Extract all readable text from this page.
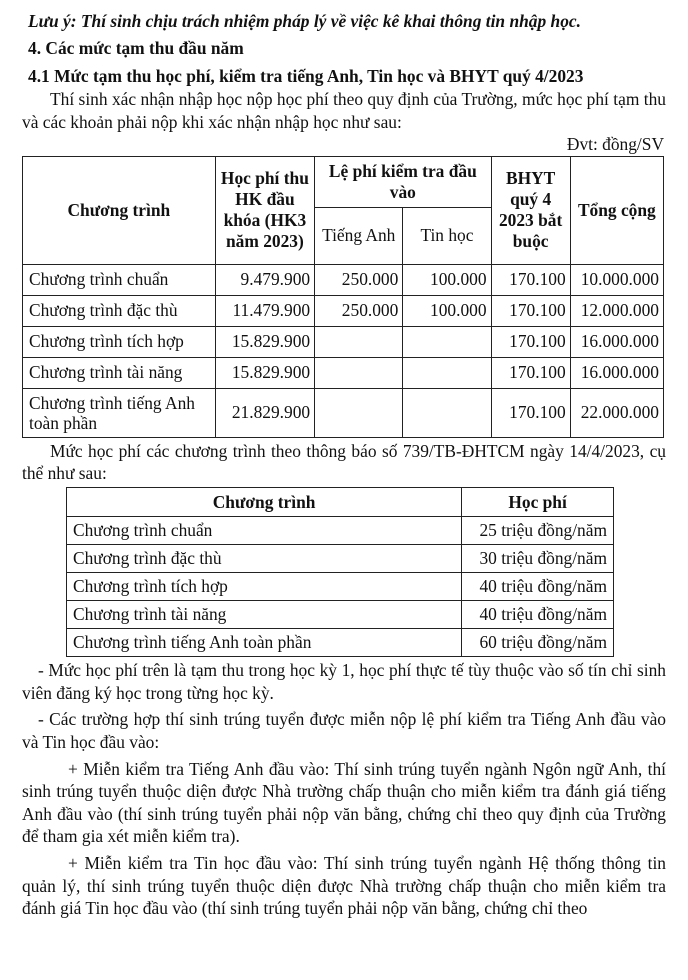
Lưu ý: Thí sinh chịu trách nhiệm pháp lý về việc kê khai thông tin nhập học.

4. Các mức tạm thu đầu năm

4.1 Mức tạm thu học phí, kiểm tra tiếng Anh, Tin học và BHYT quý 4/2023

Thí sinh xác nhận nhập học nộp học phí theo quy định của Trường, mức học phí tạm thu và các khoản phải nộp khi xác nhận nhập học như sau:

Đvt: đồng/SV

Chương trình	Học phí thu HK đầu khóa (HK3 năm 2023)	Lệ phí kiểm tra đầu vào		BHYT quý 4 2023 bắt buộc	Tổng cộng
		Tiếng Anh	Tin học		
Chương trình chuẩn	9.479.900	250.000	100.000	170.100	10.000.000
Chương trình đặc thù	11.479.900	250.000	100.000	170.100	12.000.000
Chương trình tích hợp	15.829.900			170.100	16.000.000
Chương trình tài năng	15.829.900			170.100	16.000.000
Chương trình tiếng Anh toàn phần	21.829.900			170.100	22.000.000

Mức học phí các chương trình theo thông báo số 739/TB-ĐHTCM ngày 14/4/2023, cụ thể như sau:

Chương trình	Học phí
Chương trình chuẩn	25 triệu đồng/năm
Chương trình đặc thù	30 triệu đồng/năm
Chương trình tích hợp	40 triệu đồng/năm
Chương trình tài năng	40 triệu đồng/năm
Chương trình tiếng Anh toàn phần	60 triệu đồng/năm

- Mức học phí trên là tạm thu trong học kỳ 1, học phí thực tế tùy thuộc vào số tín chỉ sinh viên đăng ký học trong từng học kỳ.

- Các trường hợp thí sinh trúng tuyển được miễn nộp lệ phí kiểm tra Tiếng Anh đầu vào và Tin học đầu vào:

+ Miễn kiểm tra Tiếng Anh đầu vào: Thí sinh trúng tuyển ngành Ngôn ngữ Anh, thí sinh trúng tuyển thuộc diện được Nhà trường chấp thuận cho miễn kiểm tra đánh giá tiếng Anh đầu vào (thí sinh trúng tuyển phải nộp văn bằng, chứng chỉ theo quy định của Trường để tham gia xét miễn kiểm tra).

+ Miễn kiểm tra Tin học đầu vào: Thí sinh trúng tuyển ngành Hệ thống thông tin quản lý, thí sinh trúng tuyển thuộc diện được Nhà trường chấp thuận cho miễn kiểm tra đánh giá Tin học đầu vào (thí sinh trúng tuyển phải nộp văn bằng, chứng chỉ theo
